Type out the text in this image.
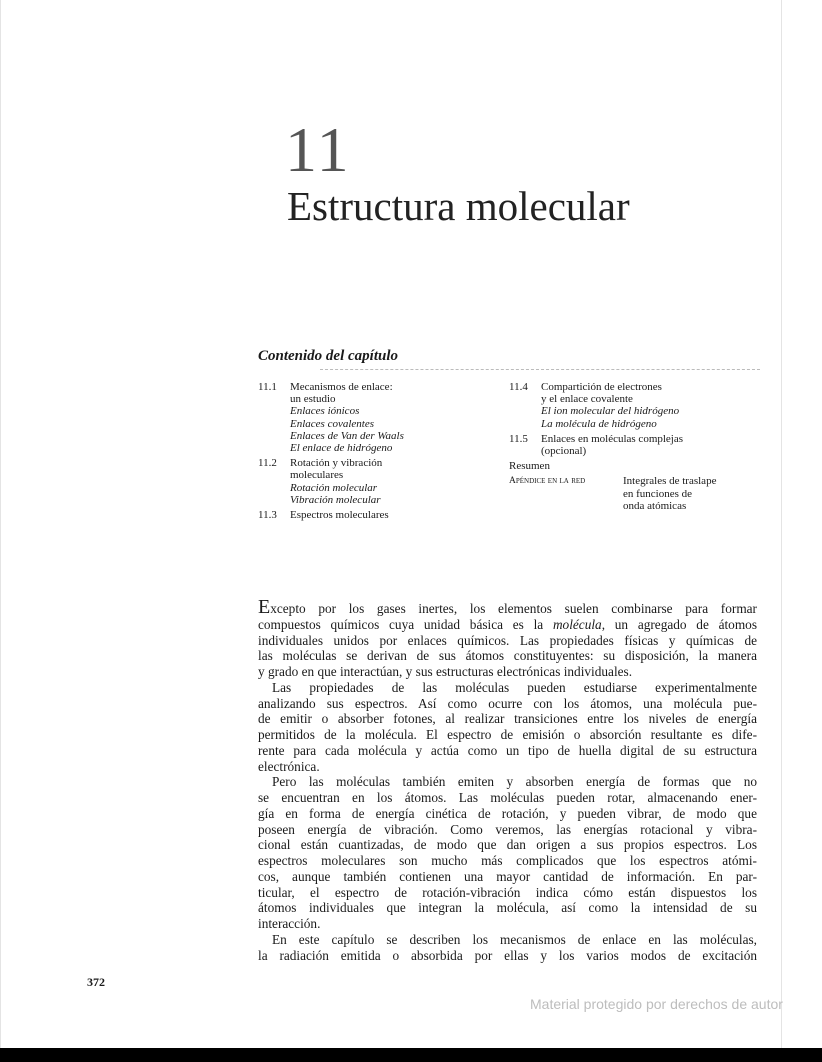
11
Estructura molecular
Contenido del capítulo
11.1	Mecanismos de enlace:
un estudio
Enlaces iónicos
Enlaces covalentes
Enlaces de Van der Waals
El enlace de hidrógeno
11.2	Rotación y vibración
moleculares
Rotación molecular
Vibración molecular
11.3	Espectros moleculares
11.4	Compartición de electrones
y el enlace covalente
El ion molecular del hidrógeno
La molécula de hidrógeno
11.5	Enlaces en moléculas complejas
(opcional)
Resumen
Apéndice en la red	Integrales de traslape
en funciones de
onda atómicas
Excepto por los gases inertes, los elementos suelen combinarse para formar
compuestos químicos cuya unidad básica es la molécula, un agregado de átomos
individuales unidos por enlaces químicos. Las propiedades físicas y químicas de
las moléculas se derivan de sus átomos constituyentes: su disposición, la manera
y grado en que interactúan, y sus estructuras electrónicas individuales.
Las propiedades de las moléculas pueden estudiarse experimentalmente
analizando sus espectros. Así como ocurre con los átomos, una molécula pue-
de emitir o absorber fotones, al realizar transiciones entre los niveles de energía
permitidos de la molécula. El espectro de emisión o absorción resultante es dife-
rente para cada molécula y actúa como un tipo de huella digital de su estructura
electrónica.
Pero las moléculas también emiten y absorben energía de formas que no
se encuentran en los átomos. Las moléculas pueden rotar, almacenando ener-
gía en forma de energía cinética de rotación, y pueden vibrar, de modo que
poseen energía de vibración. Como veremos, las energías rotacional y vibra-
cional están cuantizadas, de modo que dan origen a sus propios espectros. Los
espectros moleculares son mucho más complicados que los espectros atómi-
cos, aunque también contienen una mayor cantidad de información. En par-
ticular, el espectro de rotación-vibración indica cómo están dispuestos los
átomos individuales que integran la molécula, así como la intensidad de su
interacción.
En este capítulo se describen los mecanismos de enlace en las moléculas,
la radiación emitida o absorbida por ellas y los varios modos de excitación
372
Material protegido por derechos de autor
